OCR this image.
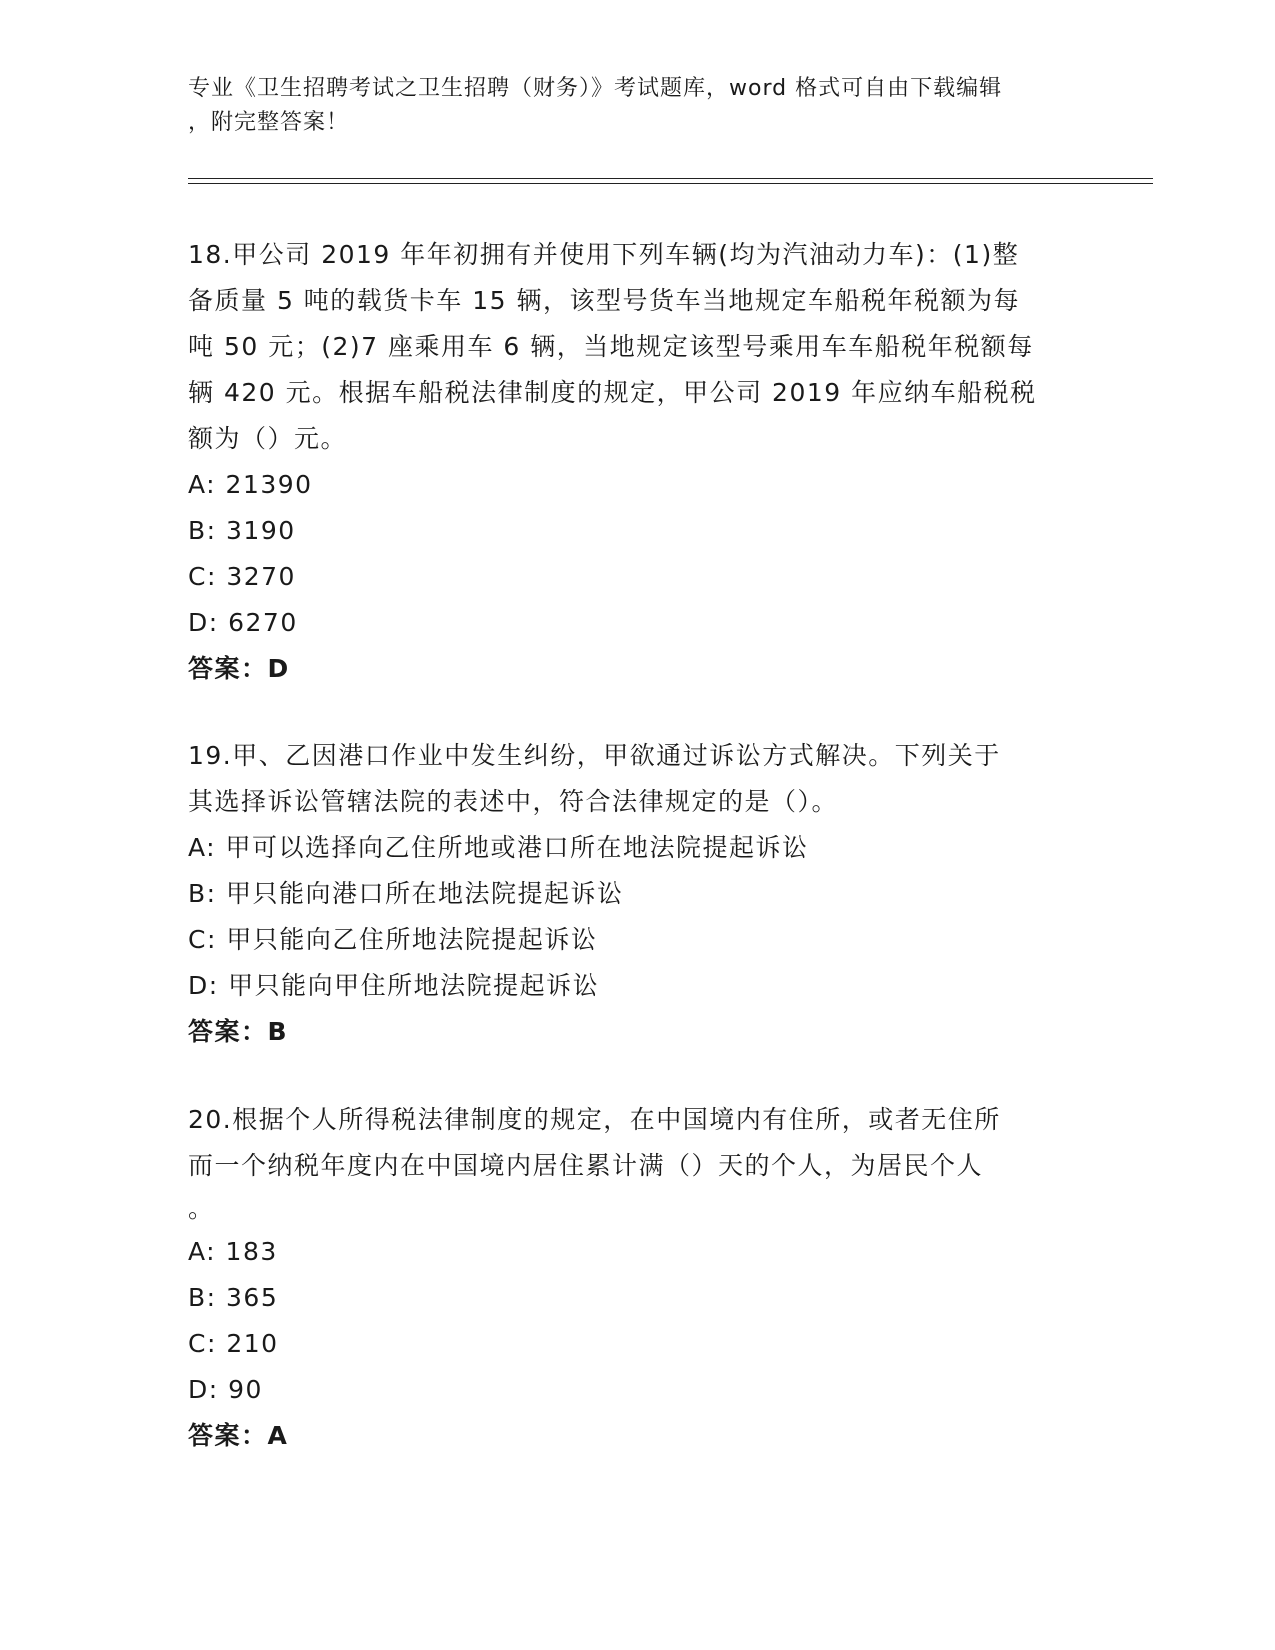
专业《卫生招聘考试之卫生招聘（财务）》考试题库，word 格式可自由下载编辑
，附完整答案！
18.甲公司 2019 年年初拥有并使用下列车辆(均为汽油动力车)：(1)整
备质量 5 吨的载货卡车 15 辆，该型号货车当地规定车船税年税额为每
吨 50 元；(2)7 座乘用车 6 辆，当地规定该型号乘用车车船税年税额每
辆 420 元。根据车船税法律制度的规定，甲公司 2019 年应纳车船税税
额为（）元。
A: 21390
B: 3190
C: 3270
D: 6270
答案：D
19.甲、乙因港口作业中发生纠纷，甲欲通过诉讼方式解决。下列关于
其选择诉讼管辖法院的表述中，符合法律规定的是（）。
A: 甲可以选择向乙住所地或港口所在地法院提起诉讼
B: 甲只能向港口所在地法院提起诉讼
C: 甲只能向乙住所地法院提起诉讼
D: 甲只能向甲住所地法院提起诉讼
答案：B
20.根据个人所得税法律制度的规定，在中国境内有住所，或者无住所
而一个纳税年度内在中国境内居住累计满（）天的个人，为居民个人
。
A: 183
B: 365
C: 210
D: 90
答案：A
